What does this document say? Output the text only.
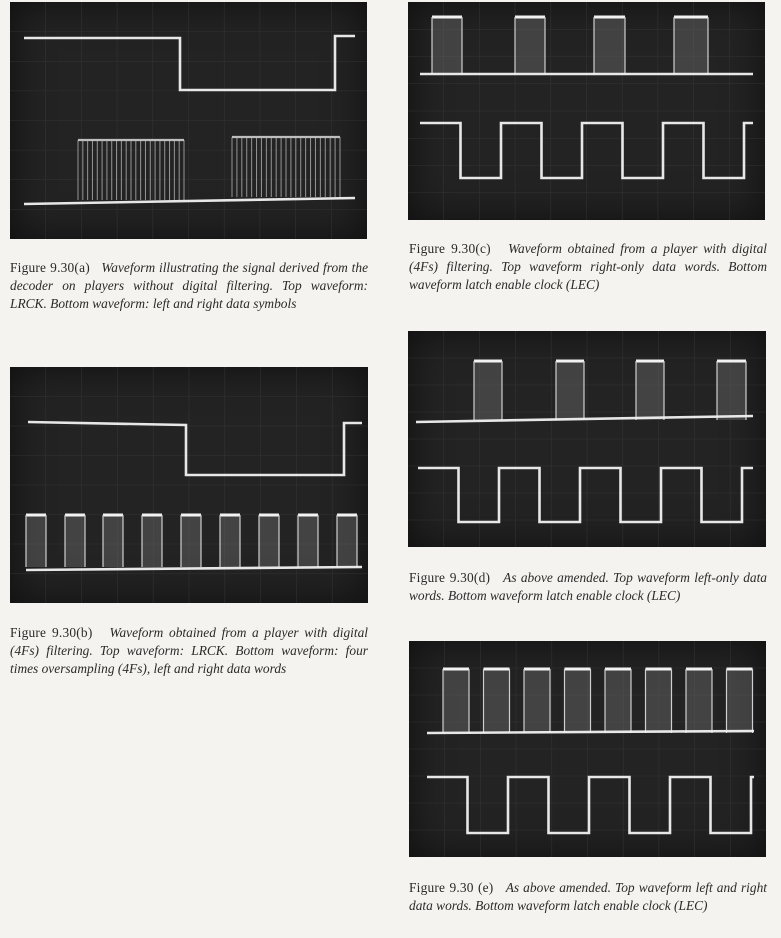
Figure 9.30(a) Waveform illustrating the signal derived from the decoder on players without digital filtering. Top waveform: LRCK. Bottom waveform: left and right data symbols

Figure 9.30(b) Waveform obtained from a player with digital (4Fs) filtering. Top waveform: LRCK. Bottom waveform: four times oversampling (4Fs), left and right data words

Figure 9.30(c) Waveform obtained from a player with digital (4Fs) filtering. Top waveform right-only data words. Bottom waveform latch enable clock (LEC)

Figure 9.30(d) As above amended. Top waveform left-only data words. Bottom waveform latch enable clock (LEC)

Figure 9.30 (e) As above amended. Top waveform left and right data words. Bottom waveform latch enable clock (LEC)
